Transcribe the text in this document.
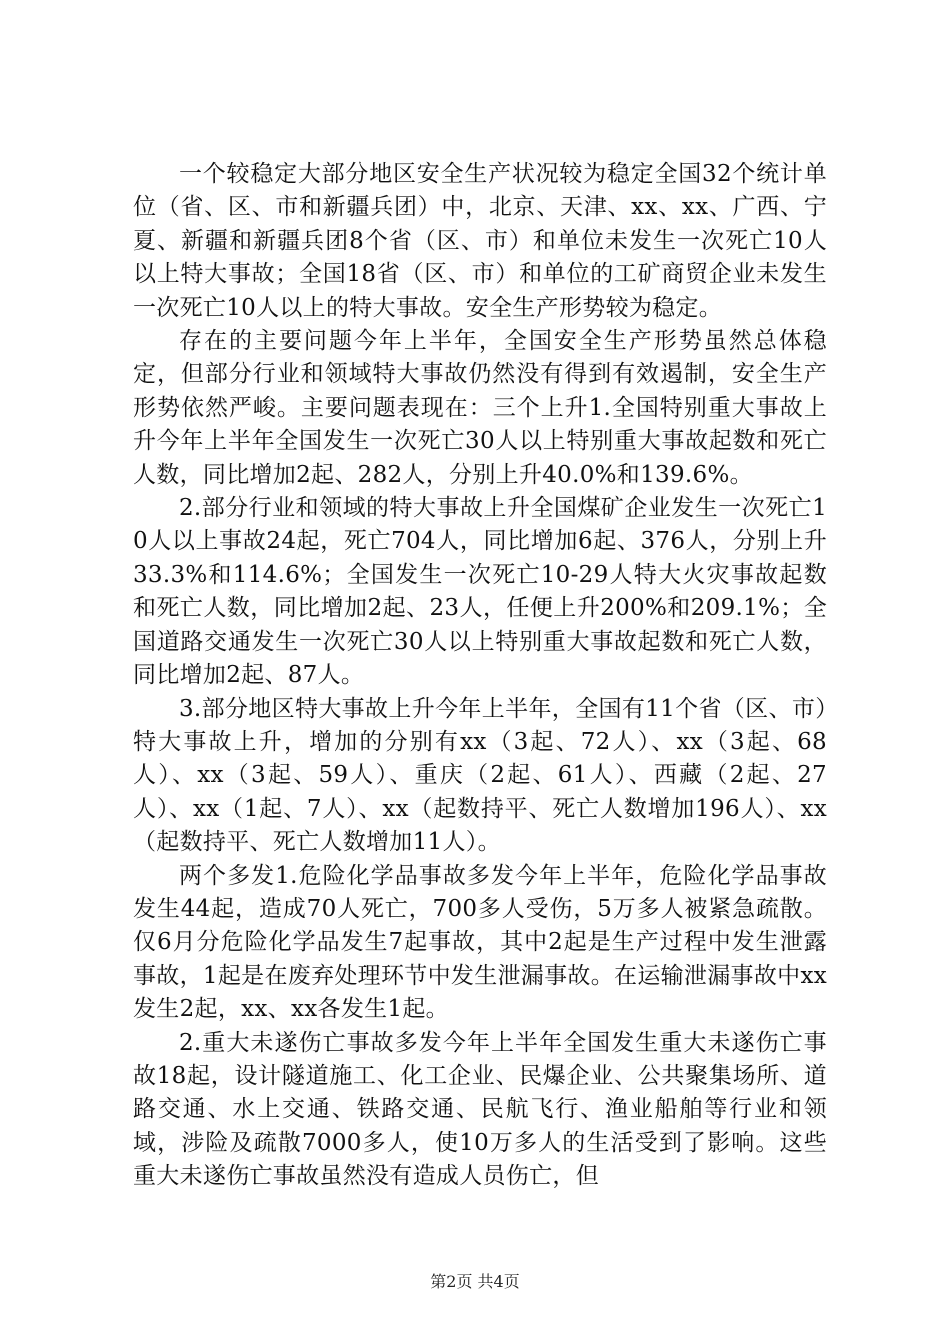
一个较稳定大部分地区安全生产状况较为稳定全国32个统计单位（省、区、市和新疆兵团）中，北京、天津、xx、xx、广西、宁夏、新疆和新疆兵团8个省（区、市）和单位未发生一次死亡10人以上特大事故；全国18省（区、市）和单位的工矿商贸企业未发生一次死亡10人以上的特大事故。安全生产形势较为稳定。

存在的主要问题今年上半年，全国安全生产形势虽然总体稳定，但部分行业和领域特大事故仍然没有得到有效遏制，安全生产形势依然严峻。主要问题表现在：三个上升1.全国特别重大事故上升今年上半年全国发生一次死亡30人以上特别重大事故起数和死亡人数，同比增加2起、282人，分别上升40.0%和139.6%。

2.部分行业和领域的特大事故上升全国煤矿企业发生一次死亡10人以上事故24起，死亡704人，同比增加6起、376人，分别上升33.3%和114.6%；全国发生一次死亡10-29人特大火灾事故起数和死亡人数，同比增加2起、23人，任便上升200%和209.1%；全国道路交通发生一次死亡30人以上特别重大事故起数和死亡人数，同比增加2起、87人。

3.部分地区特大事故上升今年上半年，全国有11个省（区、市）特大事故上升，增加的分别有xx（3起、72人）、xx（3起、68人）、xx（3起、59人）、重庆（2起、61人）、西藏（2起、27人）、xx（1起、7人）、xx（起数持平、死亡人数增加196人）、xx（起数持平、死亡人数增加11人）。

两个多发1.危险化学品事故多发今年上半年，危险化学品事故发生44起，造成70人死亡，700多人受伤，5万多人被紧急疏散。仅6月分危险化学品发生7起事故，其中2起是生产过程中发生泄露事故，1起是在废弃处理环节中发生泄漏事故。在运输泄漏事故中xx发生2起，xx、xx各发生1起。

2.重大未遂伤亡事故多发今年上半年全国发生重大未遂伤亡事故18起，设计隧道施工、化工企业、民爆企业、公共聚集场所、道路交通、水上交通、铁路交通、民航飞行、渔业船舶等行业和领域，涉险及疏散7000多人，使10万多人的生活受到了影响。这些重大未遂伤亡事故虽然没有造成人员伤亡，但

第2页 共4页
